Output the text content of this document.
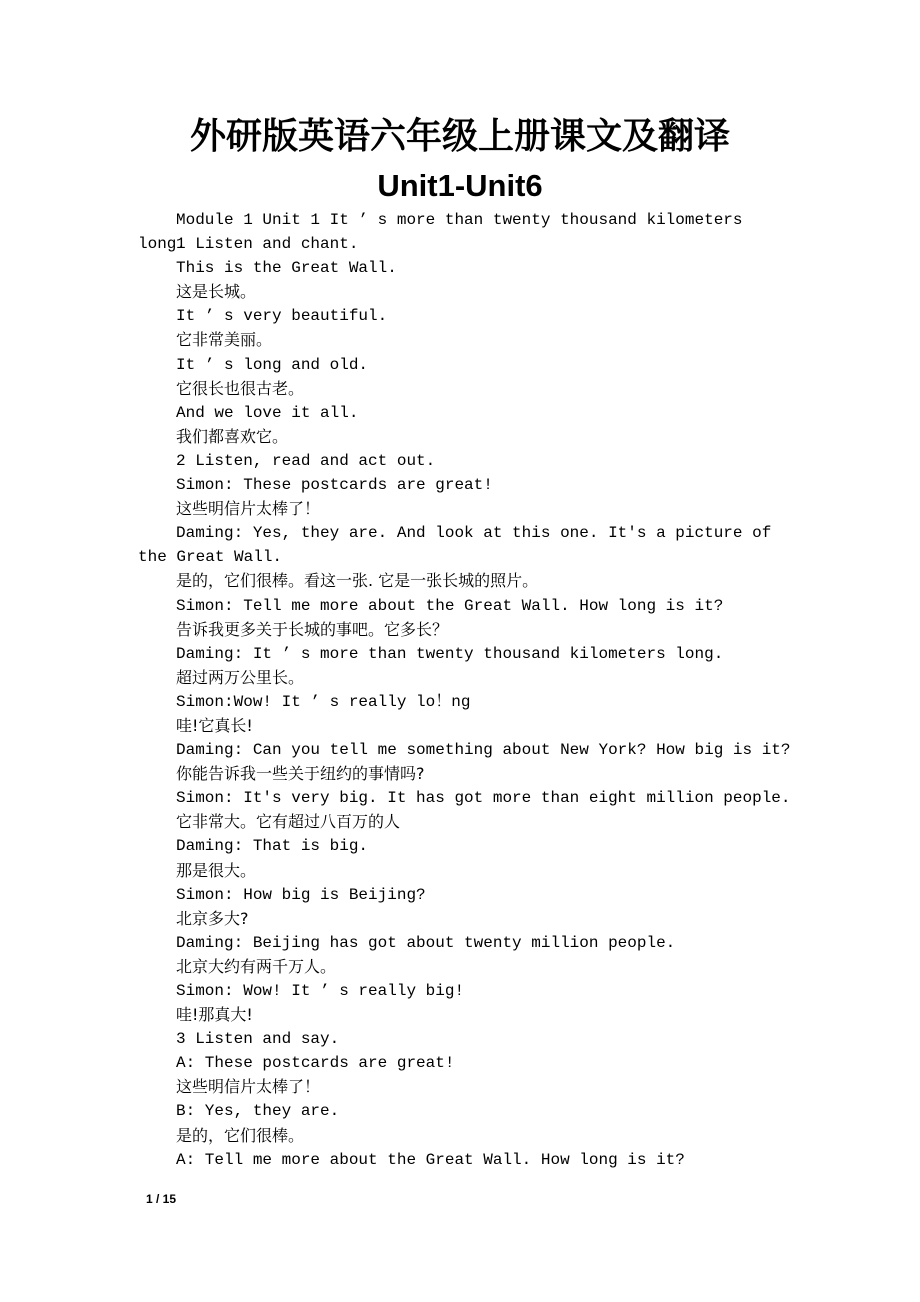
外研版英语六年级上册课文及翻译
Unit1-Unit6
Module 1 Unit 1 It ’ s more than twenty thousand kilometers long.
1 Listen and chant.
This is the Great Wall.
这是长城。
It ’ s very beautiful.
它非常美丽。
It ’ s long and old.
它很长也很古老。
And we love it all.
我们都喜欢它。
2 Listen, read and act out.
Simon: These postcards are great!
这些明信片太棒了！
Daming: Yes, they are. And look at this one. It's a picture of the Great Wall.
是的，它们很棒。看这一张. 它是一张长城的照片。
Simon: Tell me more about the Great Wall. How long is it?
告诉我更多关于长城的事吧。它多长？
Daming: It ’ s more than twenty thousand kilometers long.
超过两万公里长。
Simon:Wow! It ’ s really lo！ng
哇!它真长!
Daming: Can you tell me something about New York? How big is it?
你能告诉我一些关于纽约的事情吗?
Simon: It's very big. It has got more than eight million people.
它非常大。它有超过八百万的人
Daming: That is big.
那是很大。
Simon: How big is Beijing?
北京多大?
Daming: Beijing has got about twenty million people.
北京大约有两千万人。
Simon: Wow! It ’ s really big!
哇!那真大!
3 Listen and say.
A: These postcards are great!
这些明信片太棒了！
B: Yes, they are.
是的，它们很棒。
A: Tell me more about the Great Wall. How long is it?
1 / 15
